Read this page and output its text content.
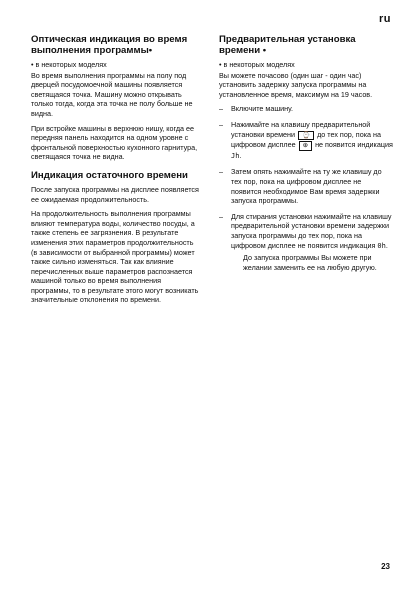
ru
Оптическая индикация во время выполнения программы•
• в некоторых моделях

Во время выполнения программы на полу под дверцей посудомоечной машины появляется светящаяся точка. Машину можно открывать только тогда, когда эта точка не полу больше не видна.

При встройке машины в верхнюю нишу, когда ее передняя панель находится на одном уровне с фронтальной поверхностью кухонного гарнитура, светящаяся точка не видна.

Индикация остаточного времени

После запуска программы на дисплее появляется ее ожидаемая продолжительность.

На продолжительность выполнения программы влияют температура воды, количество посуды, а также степень ее загрязнения. В результате изменения этих параметров продолжительность (в зависимости от выбранной программы) может также сильно изменяться. Так как влияние перечисленных выше параметров распознается машиной только во время выполнения программы, то в результате этого могут возникать значительные отклонения по времени.

Предварительная установка времени •
• в некоторых моделях

Вы можете почасово (один шаг - один час) установить задержку запуска программы на установленное время, максимум на 19 часов.

– Включите машину.
– Нажимайте на клавишу предварительной установки времени ⌚ до тех пор, пока на цифровом дисплее ⊕ не появится индикация Jh.
– Затем опять нажимайте на ту же клавишу до тех пор, пока на цифровом дисплее не появится необходимое Вам время задержки запуска программы.
– Для стирания установки нажимайте на клавишу предварительной установки времени задержки запуска программы до тех пор, пока на цифровом дисплее не появится индикация 0h.
До запуска программы Вы можете при желании заменить ее на любую другую.
23
